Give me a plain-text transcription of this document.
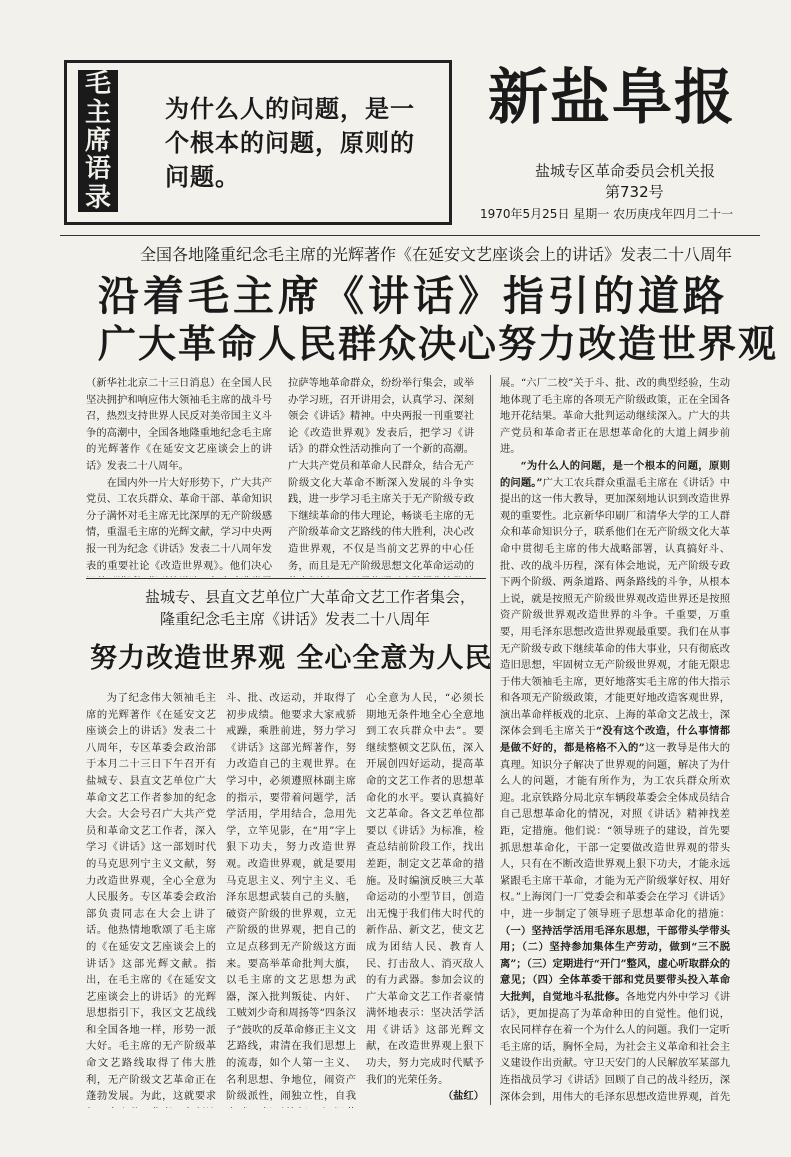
毛
主
席
语
录
为什么人的问题，是一个根本的问题，原则的问题。
新盐阜报
盐城专区革命委员会机关报
第732号
1970年5月25日 星期一 农历庚戌年四月二十一
全国各地隆重纪念毛主席的光辉著作《在延安文艺座谈会上的讲话》发表二十八周年
沿着毛主席《讲话》指引的道路
广大革命人民群众决心努力改造世界观

（新华社北京二十三日消息）在全国人民坚决拥护和响应伟大领袖毛主席的战斗号召，热烈支持世界人民反对美帝国主义斗争的高潮中，全国各地隆重地纪念毛主席的光辉著作《在延安文艺座谈会上的讲话》发表二十八周年。

在国内外一片大好形势下，广大共产党员、工农兵群众、革命干部、革命知识分子满怀对毛主席无比深厚的无产阶级感情，重温毛主席的光辉文献，学习中央两报一刊为纪念《讲话》发表二十八周年发表的重要社论《改造世界观》。他们决心

拉萨等地革命群众，纷纷举行集会，或举办学习班，召开讲用会，认真学习、深刻领会《讲话》精神。中央两报一刊重要社论《改造世界观》发表后，把学习《讲话》的群众性活动推向了一个新的高潮。广大共产党员和革命人民群众，结合无产阶级文化大革命不断深入发展的斗争实践，进一步学习毛主席关于无产阶级专政下继续革命的伟大理论，畅谈毛主席的无产阶级革命文艺路线的伟大胜利，决心改造世界观，不仅是当前文艺界的中心任务，而且是无产阶级思想文化革命运动的

展。“六厂二校”关于斗、批、改的典型经验，生动地体现了毛主席的各项无产阶级政策，正在全国各地开花结果。革命大批判运动继续深入。广大的共产党员和革命者正在思想革命化的大道上阔步前进。

“为什么人的问题，是一个根本的问题，原则的问题。”广大工农兵群众重温毛主席在《讲话》中提出的这一伟大教导，更加深刻地认识到改造世界观的重要性。北京新华印刷厂和清华大学的工人群众和革命知识分子，联系他们在无产阶级文化大革命中贯彻毛主席的伟大战略部署，认真搞好斗、批、改的战斗历程，深有体会地说，无产阶级专政下两个阶级、两条道路、两条路线的斗争，从根本上说，就是按照无产阶级世界观改造世界还是按照资产阶级世界观改造世界的斗争。千重要，万重要，用毛泽东思想改造世界观最重要。我们在从事无产阶级专政下继续革命的伟大事业，只有彻底改造旧思想，牢固树立无产阶级世界观，才能无限忠于伟大领袖毛主席，更好地落实毛主席的伟大指示和各项无产阶级政策，才能更好地改造客观世界，演出革命样板戏的北京、上海的革命文艺战士，深深体会到毛主席关于“没有这个改造，什么事情都是做不好的，都是格格不入的”这一教导是伟大的真理。知识分子解决了世界观的问题，解决了为什么人的问题，才能有所作为，为工农兵群众所欢迎。北京铁路分局北京车辆段革委会全体成员结合自己思想革命化的情况，对照《讲话》精神找差距，定措施。他们说：“领导班子的建设，首先要抓思想革命化，干部一定要做改造世界观的带头人，只有在不断改造世界观上狠下功夫，才能永远紧跟毛主席干革命，才能为无产阶级掌好权、用好权。”上海闵门一厂党委会和革委会在学习《讲话》中，进一步制定了领导班子思想革命化的措施：（一）坚持活学活用毛泽东思想，干部带头学带头用；（二）坚持参加集体生产劳动，做到“三不脱离”；（三）定期进行“开门”整风，虚心听取群众的意见；（四）全体革委干部和党员要带头投入革命大批判，自觉地斗私批修。各地党内外中学习《讲话》，更加提高了为革命种田的自觉性。他们说，农民同样存在着一个为什么人的问题。我们一定听毛主席的话，胸怀全局，为社会主义革命和社会主义建设作出贡献。守卫天安门的人民解放军某部九连指战员学习《讲话》回顾了自己的战斗经历，深深体会到，用伟大的毛泽东思想改造世界观，首先

盐城专、县直文艺单位广大革命文艺工作者集会，
隆重纪念毛主席《讲话》发表二十八周年
努力改造世界观 全心全意为人民

为了纪念伟大领袖毛主席的光辉著作《在延安文艺座谈会上的讲话》发表二十八周年，专区革委会政治部于本月二十三日下午召开有盐城专、县直文艺单位广大革命文艺工作者参加的纪念大会。大会号召广大共产党员和革命文艺工作者，深入学习《讲话》这一部划时代的马克思列宁主义文献，努力改造世界观，全心全意为人民服务。专区革委会政治部负责同志在大会上讲了话。他热情地歌颂了毛主席的《在延安文艺座谈会上的讲话》这部光辉文献。指出，在毛主席的《在延安文艺座谈会上的讲话》的光辉思想指引下，我区文艺战线和全国各地一样，形势一派大好。毛主席的无产阶级革命文艺路线取得了伟大胜利，无产阶级文艺革命正在蓬勃发展。为此，这就要求

斗、批、改运动，并取得了初步成绩。他要求大家戒骄戒躁，乘胜前进，努力学习《讲话》这部光辉著作，努力改造自己的主观世界。在学习中，必须遵照林副主席的指示，要带着问题学，活学活用，学用结合，急用先学，立竿见影，在“用”字上狠下功夫，努力改造世界观。改造世界观，就是要用马克思主义、列宁主义、毛泽东思想武装自己的头脑，破资产阶级的世界观，立无产阶级的世界观，把自己的立足点移到无产阶级这方面来。要高举革命批判大旗，以毛主席的文艺思想为武器，深入批判叛徒、内奸、工贼刘少奇和周扬等“四条汉子”鼓吹的反革命修正主义文艺路线，肃清在我们思想上的流毒，如个人第一主义、名利思想、争地位，闹资产阶级派性，闹独立性，自我

心全意为人民，“必须长期地无条件地全心全意地到工农兵群众中去”。要继续整顿文艺队伍，深入开展创四好运动，提高革命的文艺工作者的思想革命化的水平。要认真搞好文艺革命。各文艺单位都要以《讲话》为标准，检查总结前阶段工作，找出差距，制定文艺革命的措施。及时编演反映三大革命运动的小型节目，创造出无愧于我们伟大时代的新作品、新文艺，使文艺成为团结人民、教育人民、打击敌人、消灭敌人的有力武器。参加会议的广大革命文艺工作者豪情满怀地表示：坚决活学活用《讲话》这部光辉文献，在改造世界观上狠下功夫，努力完成时代赋予我们的光荣任务。

（盐红）
